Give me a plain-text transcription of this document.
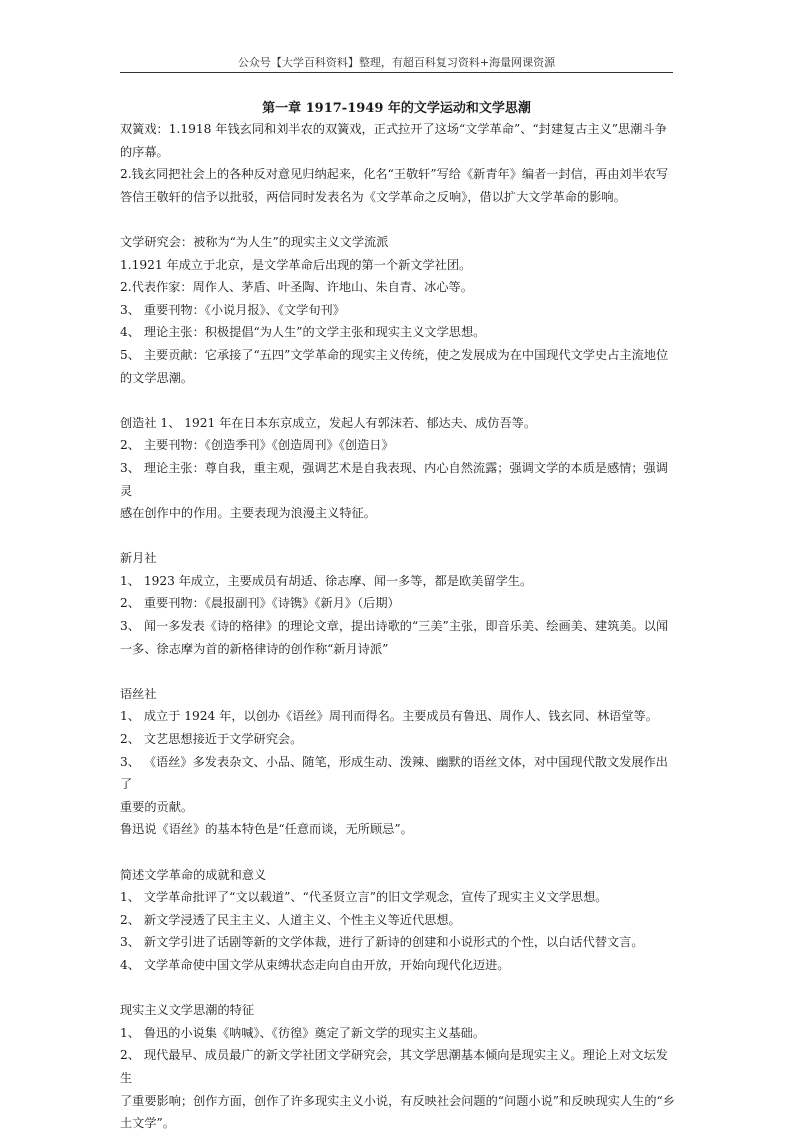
公众号【大学百科资料】整理，有超百科复习资料+海量网课资源
第一章 1917-1949 年的文学运动和文学思潮

双簧戏：1.1918 年钱玄同和刘半农的双簧戏，正式拉开了这场“文学革命”、“封建复古主义”思潮斗争

的序幕。

2.钱玄同把社会上的各种反对意见归纳起来，化名“王敬轩”写给《新青年》编者一封信，再由刘半农写

答信王敬轩的信予以批驳，两信同时发表名为《文学革命之反响》，借以扩大文学革命的影响。

文学研究会：被称为“为人生”的现实主义文学流派

1.1921 年成立于北京，是文学革命后出现的第一个新文学社团。

2.代表作家：周作人、茅盾、叶圣陶、许地山、朱自青、冰心等。

3、 重要刊物：《小说月报》、《文学旬刊》

4、 理论主张：积极提倡“为人生”的文学主张和现实主义文学思想。

5、 主要贡献：它承接了“五四”文学革命的现实主义传统，使之发展成为在中国现代文学史占主流地位

的文学思潮。

创造社 1、 1921 年在日本东京成立，发起人有郭沫若、郁达夫、成仿吾等。

2、 主要刊物：《创造季刊》《创造周刊》《创造日》

3、 理论主张：尊自我，重主观，强调艺术是自我表现、内心自然流露；强调文学的本质是感情；强调灵

感在创作中的作用。主要表现为浪漫主义特征。

新月社

1、 1923 年成立，主要成员有胡适、徐志摩、闻一多等，都是欧美留学生。

2、 重要刊物：《晨报副刊》《诗镌》《新月》（后期）

3、 闻一多发表《诗的格律》的理论文章，提出诗歌的“三美”主张，即音乐美、绘画美、建筑美。以闻

一多、徐志摩为首的新格律诗的创作称“新月诗派”

语丝社

1、 成立于 1924 年，以创办《语丝》周刊而得名。主要成员有鲁迅、周作人、钱玄同、林语堂等。

2、 文艺思想接近于文学研究会。

3、 《语丝》多发表杂文、小品、随笔，形成生动、泼辣、幽默的语丝文体，对中国现代散文发展作出了

重要的贡献。

鲁迅说《语丝》的基本特色是“任意而谈，无所顾忌”。

简述文学革命的成就和意义

1、 文学革命批评了“文以载道”、“代圣贤立言”的旧文学观念，宣传了现实主义文学思想。

2、 新文学浸透了民主主义、人道主义、个性主义等近代思想。

3、 新文学引进了话剧等新的文学体裁，进行了新诗的创建和小说形式的个性，以白话代替文言。

4、 文学革命使中国文学从束缚状态走向自由开放，开始向现代化迈进。

现实主义文学思潮的特征

1、 鲁迅的小说集《呐喊》、《彷徨》奠定了新文学的现实主义基础。

2、 现代最早、成员最广的新文学社团文学研究会，其文学思潮基本倾向是现实主义。理论上对文坛发生

了重要影响；创作方面，创作了许多现实主义小说，有反映社会问题的“问题小说”和反映现实人生的“乡

土文学”。
